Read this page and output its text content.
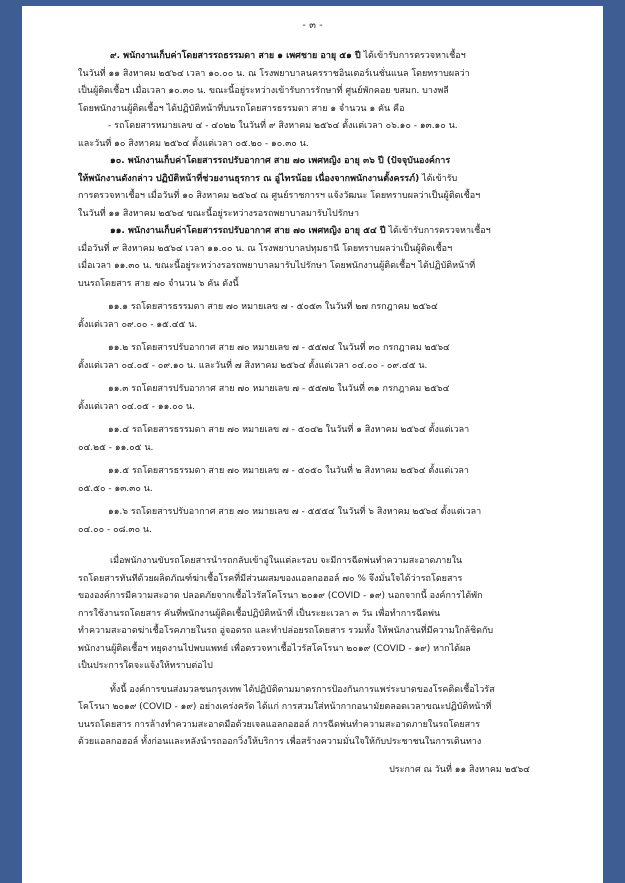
- ๓ -

๙. พนักงานเก็บค่าโดยสารรถธรรมดา สาย ๑ เพศชาย อายุ ๕๑ ปี ได้เข้ารับการตรวจหาเชื้อฯ

ในวันที่ ๑๑ สิงหาคม ๒๕๖๔ เวลา ๑๐.๐๐ น. ณ โรงพยาบาลนครราชอินเตอร์เนชั่นแนล โดยทราบผลว่า

เป็นผู้ติดเชื้อฯ เมื่อเวลา ๑๐.๓๐ น. ขณะนี้อยู่ระหว่างเข้ารับการรักษาที่ ศูนย์พักคอย ขสมก. บางพลี

โดยพนักงานผู้ติดเชื้อฯ ได้ปฏิบัติหน้าที่บนรถโดยสารธรรมดา สาย ๑ จำนวน ๑ คัน คือ

- รถโดยสารหมายเลข ๔ - ๔๐๒๒ ในวันที่ ๙ สิงหาคม ๒๕๖๔ ตั้งแต่เวลา ๐๖.๑๐ - ๑๓.๑๐ น.

และวันที่ ๑๐ สิงหาคม ๒๕๖๔ ตั้งแต่เวลา ๐๕.๒๐ - ๑๐.๓๐ น.

๑๐. พนักงานเก็บค่าโดยสารรถปรับอากาศ สาย ๗๐ เพศหญิง อายุ ๓๖ ปี (ปัจจุบันองค์การ

ให้พนักงานดังกล่าว ปฏิบัติหน้าที่ช่วยงานธุรการ ณ อู่ไทรน้อย เนื่องจากพนักงานตั้งครรภ์) ได้เข้ารับ

การตรวจหาเชื้อฯ เมื่อวันที่ ๑๐ สิงหาคม ๒๕๖๔ ณ ศูนย์ราชการฯ แจ้งวัฒนะ โดยทราบผลว่าเป็นผู้ติดเชื้อฯ

ในวันที่ ๑๑ สิงหาคม ๒๕๖๔ ขณะนี้อยู่ระหว่างรอรถพยาบาลมารับไปรักษา

๑๑. พนักงานเก็บค่าโดยสารรถปรับอากาศ สาย ๗๐ เพศหญิง อายุ ๕๔ ปี ได้เข้ารับการตรวจหาเชื้อฯ

เมื่อวันที่ ๙ สิงหาคม ๒๕๖๔ เวลา ๑๑.๐๐ น. ณ โรงพยาบาลปทุมธานี โดยทราบผลว่าเป็นผู้ติดเชื้อฯ

เมื่อเวลา ๑๑.๓๐ น. ขณะนี้อยู่ระหว่างรอรถพยาบาลมารับไปรักษา โดยพนักงานผู้ติดเชื้อฯ ได้ปฏิบัติหน้าที่

บนรถโดยสาร สาย ๗๐ จำนวน ๖ คัน ดังนี้

๑๑.๑ รถโดยสารธรรมดา สาย ๗๐ หมายเลข ๗ - ๕๐๕๓ ในวันที่ ๒๗ กรกฎาคม ๒๕๖๔

ตั้งแต่เวลา ๐๙.๐๐ - ๑๕.๔๕ น.

๑๑.๒ รถโดยสารปรับอากาศ สาย ๗๐ หมายเลข ๗ - ๕๕๗๔ ในวันที่ ๓๐ กรกฎาคม ๒๕๖๔

ตั้งแต่เวลา ๐๔.๐๕ - ๐๙.๑๐ น. และวันที่ ๗ สิงหาคม ๒๕๖๔ ตั้งแต่เวลา ๐๔.๐๐ - ๐๙.๔๕ น.

๑๑.๓ รถโดยสารปรับอากาศ สาย ๗๐ หมายเลข ๗ - ๕๕๗๒ ในวันที่ ๓๑ กรกฎาคม ๒๕๖๔

ตั้งแต่เวลา ๐๔.๐๕ - ๑๑.๐๐ น.

๑๑.๔ รถโดยสารธรรมดา สาย ๗๐ หมายเลข ๗ - ๕๐๔๒ ในวันที่ ๑ สิงหาคม ๒๕๖๔ ตั้งแต่เวลา

๐๔.๒๕ - ๑๑.๐๕ น.

๑๑.๕ รถโดยสารธรรมดา สาย ๗๐ หมายเลข ๗ - ๕๐๕๐ ในวันที่ ๒ สิงหาคม ๒๕๖๔ ตั้งแต่เวลา

๐๕.๕๐ - ๑๓.๓๐ น.

๑๑.๖ รถโดยสารปรับอากาศ สาย ๗๐ หมายเลข ๗ - ๕๕๕๔ ในวันที่ ๖ สิงหาคม ๒๕๖๔ ตั้งแต่เวลา

๐๔.๐๐ - ๐๘.๓๐ น.

เมื่อพนักงานขับรถโดยสารนำรถกลับเข้าอู่ในแต่ละรอบ จะมีการฉีดพ่นทำความสะอาดภายใน

รถโดยสารทันทีด้วยผลิตภัณฑ์ฆ่าเชื้อโรคที่มีส่วนผสมของแอลกอฮอล์ ๗๐ % จึงมั่นใจได้ว่ารถโดยสาร

ขององค์การมีความสะอาด ปลอดภัยจากเชื้อไวรัสโคโรนา ๒๐๑๙ (COVID - ๑๙) นอกจากนี้ องค์การได้พัก

การใช้งานรถโดยสาร คันที่พนักงานผู้ติดเชื้อปฏิบัติหน้าที่ เป็นระยะเวลา ๓ วัน เพื่อทำการฉีดพ่น

ทำความสะอาดฆ่าเชื้อโรคภายในรถ อู่จอดรถ และทำปล่อยรถโดยสาร รวมทั้ง ให้พนักงานที่มีความใกล้ชิดกับ

พนักงานผู้ติดเชื้อฯ หยุดงานไปพบแพทย์ เพื่อตรวจหาเชื้อไวรัสโคโรนา ๒๐๑๙ (COVID - ๑๙) หากได้ผล

เป็นประการใดจะแจ้งให้ทราบต่อไป

ทั้งนี้ องค์การขนส่งมวลชนกรุงเทพ ได้ปฏิบัติตามมาตรการป้องกันการแพร่ระบาดของโรคติดเชื้อไวรัส

โคโรนา ๒๐๑๙ (COVID - ๑๙) อย่างเคร่งครัด ได้แก่ การสวมใส่หน้ากากอนามัยตลอดเวลาขณะปฏิบัติหน้าที่

บนรถโดยสาร การล้างทำความสะอาดมือด้วยเจลแอลกอฮอล์ การฉีดพ่นทำความสะอาดภายในรถโดยสาร

ด้วยแอลกอฮอล์ ทั้งก่อนและหลังนำรถออกวิ่งให้บริการ เพื่อสร้างความมั่นใจให้กับประชาชนในการเดินทาง

ประกาศ ณ วันที่ ๑๑ สิงหาคม ๒๕๖๔
